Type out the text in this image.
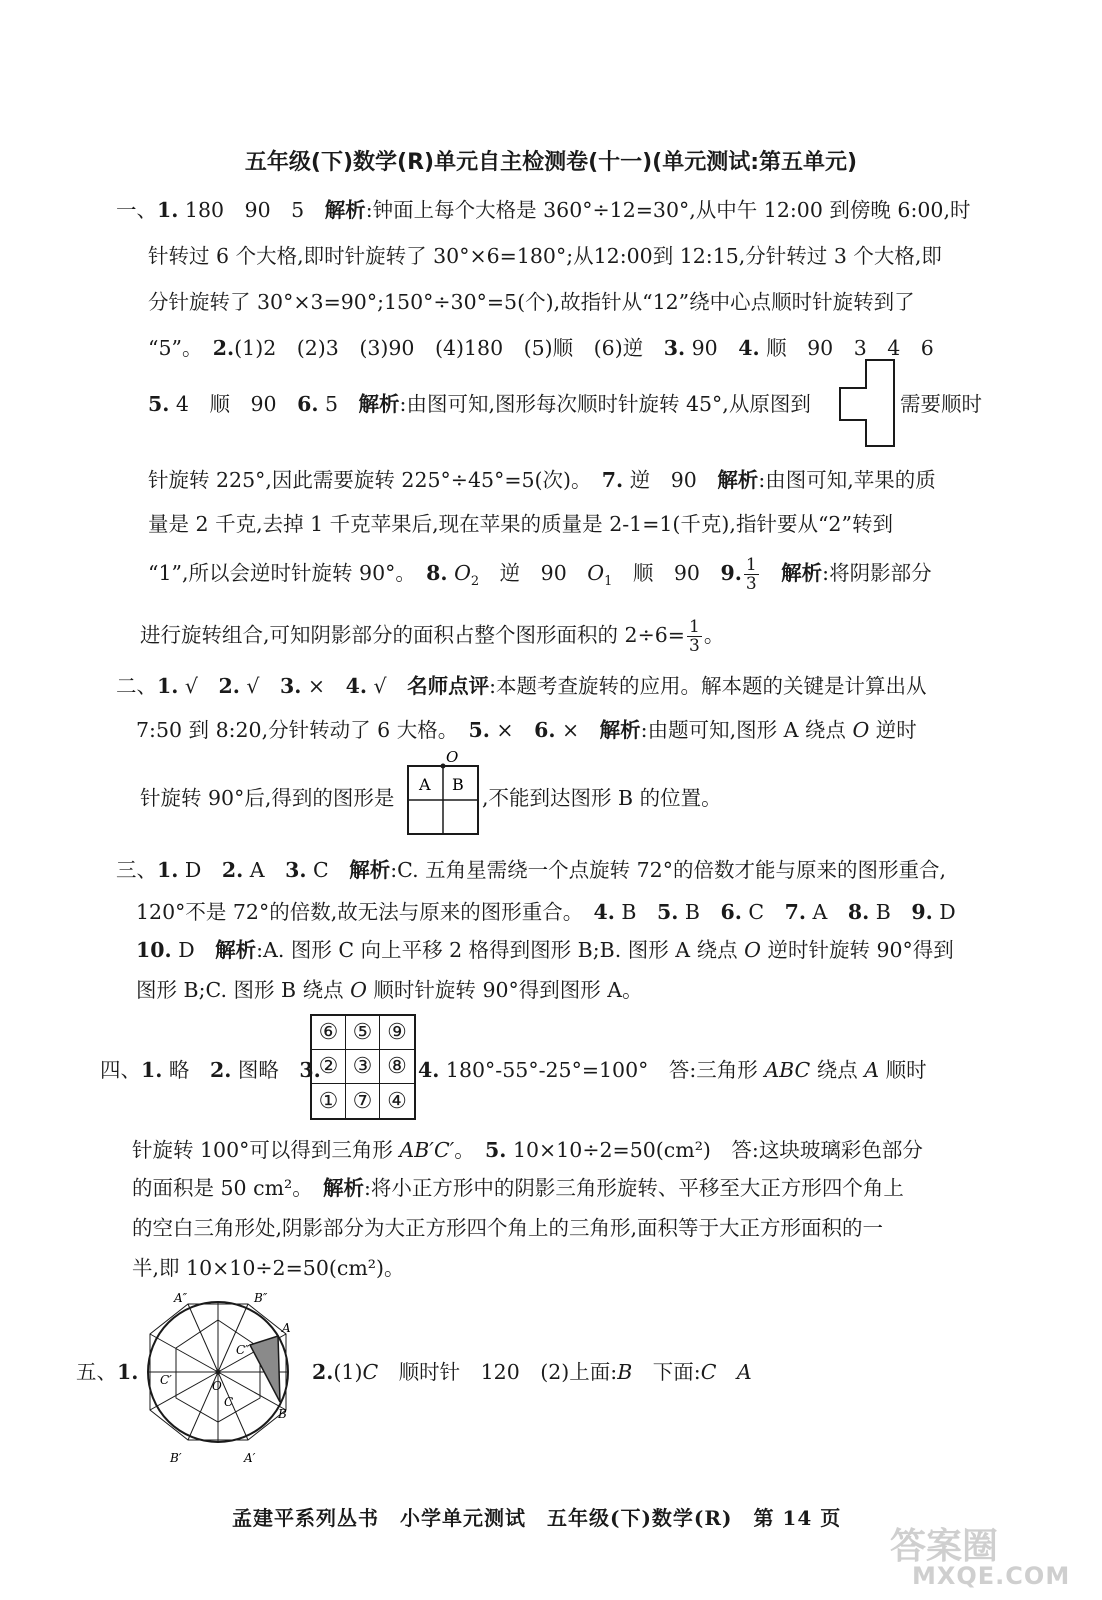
五年级(下)数学(R)单元自主检测卷(十一)(单元测试:第五单元)
一、1. 180　90　5　解析:钟面上每个大格是 360°÷12=30°,从中午 12:00 到傍晚 6:00,时
针转过 6 个大格,即时针旋转了 30°×6=180°;从12:00到 12:15,分针转过 3 个大格,即
分针旋转了 30°×3=90°;150°÷30°=5(个),故指针从“12”绕中心点顺时针旋转到了
“5”。　2.(1)2　(2)3　(3)90　(4)180　(5)顺　(6)逆　3. 90　4. 顺　90　3　4　6
5. 4　顺　90　6. 5　解析:由图可知,图形每次顺时针旋转 45°,从原图到	需要顺时
针旋转 225°,因此需要旋转 225°÷45°=5(次)。　7. 逆　90　解析:由图可知,苹果的质
量是 2 千克,去掉 1 千克苹果后,现在苹果的质量是 2-1=1(千克),指针要从“2”转到
“1”,所以会逆时针旋转 90°。　8. $O_2$　逆　90　$O_1$　顺　90　9. $\frac{1}{3}$
　 解析:将阴影部分
进行旋转组合,可知阴影部分的面积占整个图形面积的 $2\div 6= \frac{1}{3}$ 。
二、1. √　2. √　3. ×　4. √　名师点评:本题考查旋转的应用。解本题的关键是计算出从
7:50 到 8:20,分针转动了 6 大格。　5. ×　6. ×　解析:由题可知,图形 A 绕点 O 逆时
针旋转 90°后,得到的图形是
O
A B
,不能到达图形 B 的位置。
三、1. D　2. A　3. C　解析:C. 五角星需绕一个点旋转 72°的倍数才能与原来的图形重合,
120°不是 72°的倍数,故无法与原来的图形重合。　4. B　5. B　6. C　7. A　8. B　9. D
10. D　解析:A. 图形 C 向上平移 2 格得到图形 B;B. 图形 A 绕点 O 逆时针旋转 90°得到
图形 B;C. 图形 B 绕点 O 顺时针旋转 90°得到图形 A。
四、1. 略　2. 图略　3.
⑥ ⑤ ⑨
② ③ ⑧
① ⑦ ④
4. 180°-55°-25°=100°　答:三角形 ABC 绕点 A 顺时
针旋转 100°可以得到三角形 AB′C′。　5. 10×10÷2=50(cm²)　答:这块玻璃彩色部分
的面积是 50 cm²。　解析:将小正方形中的阴影三角形旋转、平移至大正方形四个角上
的空白三角形处,阴影部分为大正方形四个角上的三角形,面积等于大正方形面积的一
半,即 10×10÷2=50(cm²)。
五、1.
A″	B″
A
C″
C′	O
C
B
B′	A′
2.(1)C　顺时针　120　(2)上面:B　下面:C　 A
孟建平系列丛书　小学单元测试　五年级(下)数学(R)　第 14 页
答案圈
MXQE.COM
